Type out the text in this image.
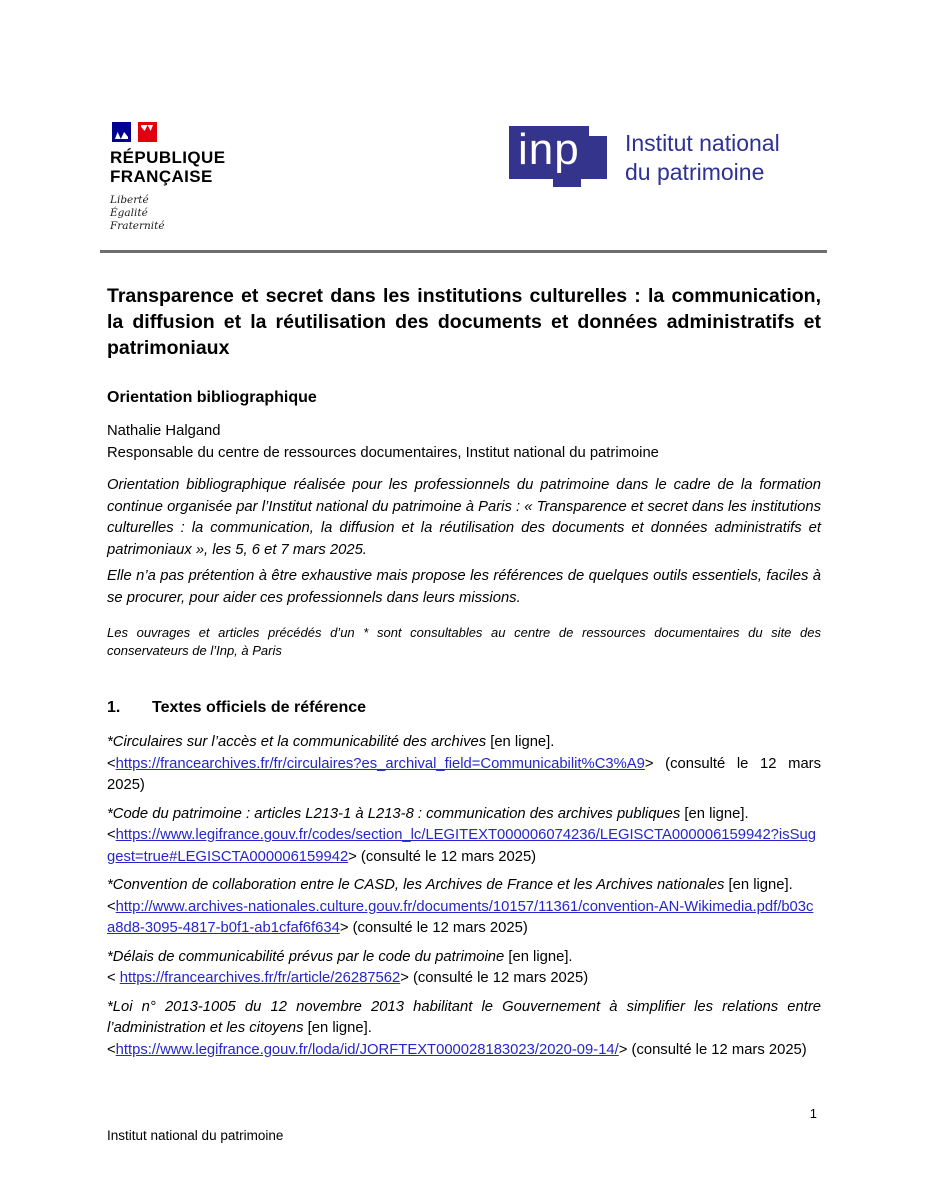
RÉPUBLIQUE
FRANÇAISE
Liberté
Égalité
Fraternité
inp Institut national
du patrimoine
Transparence et secret dans les institutions culturelles : la communication, la diffusion et la réutilisation des documents et données administratifs et patrimoniaux
Orientation bibliographique

Nathalie Halgand
Responsable du centre de ressources documentaires, Institut national du patrimoine

Orientation bibliographique réalisée pour les professionnels du patrimoine dans le cadre de la formation continue organisée par l’Institut national du patrimoine à Paris : « Transparence et secret dans les institutions culturelles : la communication, la diffusion et la réutilisation des documents et données administratifs et patrimoniaux », les 5, 6 et 7 mars 2025.

Elle n’a pas prétention à être exhaustive mais propose les références de quelques outils essentiels, faciles à se procurer, pour aider ces professionnels dans leurs missions.

Les ouvrages et articles précédés d’un * sont consultables au centre de ressources documentaires du site des conservateurs de l’Inp, à Paris

1.	Textes officiels de référence

*Circulaires sur l’accès et la communicabilité des archives [en ligne].
<https://francearchives.fr/fr/circulaires?es_archival_field=Communicabilit%C3%A9> (consulté le 12 mars 2025)

*Code du patrimoine : articles L213-1 à L213-8 : communication des archives publiques [en ligne].
<https://www.legifrance.gouv.fr/codes/section_lc/LEGITEXT000006074236/LEGISCTA000006159942?isSuggest=true#LEGISCTA000006159942> (consulté le 12 mars 2025)

*Convention de collaboration entre le CASD, les Archives de France et les Archives nationales [en ligne].
<http://www.archives-nationales.culture.gouv.fr/documents/10157/11361/convention-AN-Wikimedia.pdf/b03ca8d8-3095-4817-b0f1-ab1cfaf6f634> (consulté le 12 mars 2025)

*Délais de communicabilité prévus par le code du patrimoine [en ligne].
< https://francearchives.fr/fr/article/26287562> (consulté le 12 mars 2025)

*Loi n° 2013-1005 du 12 novembre 2013 habilitant le Gouvernement à simplifier les relations entre l’administration et les citoyens [en ligne].
<https://www.legifrance.gouv.fr/loda/id/JORFTEXT000028183023/2020-09-14/> (consulté le 12 mars 2025)

1
Institut national du patrimoine
